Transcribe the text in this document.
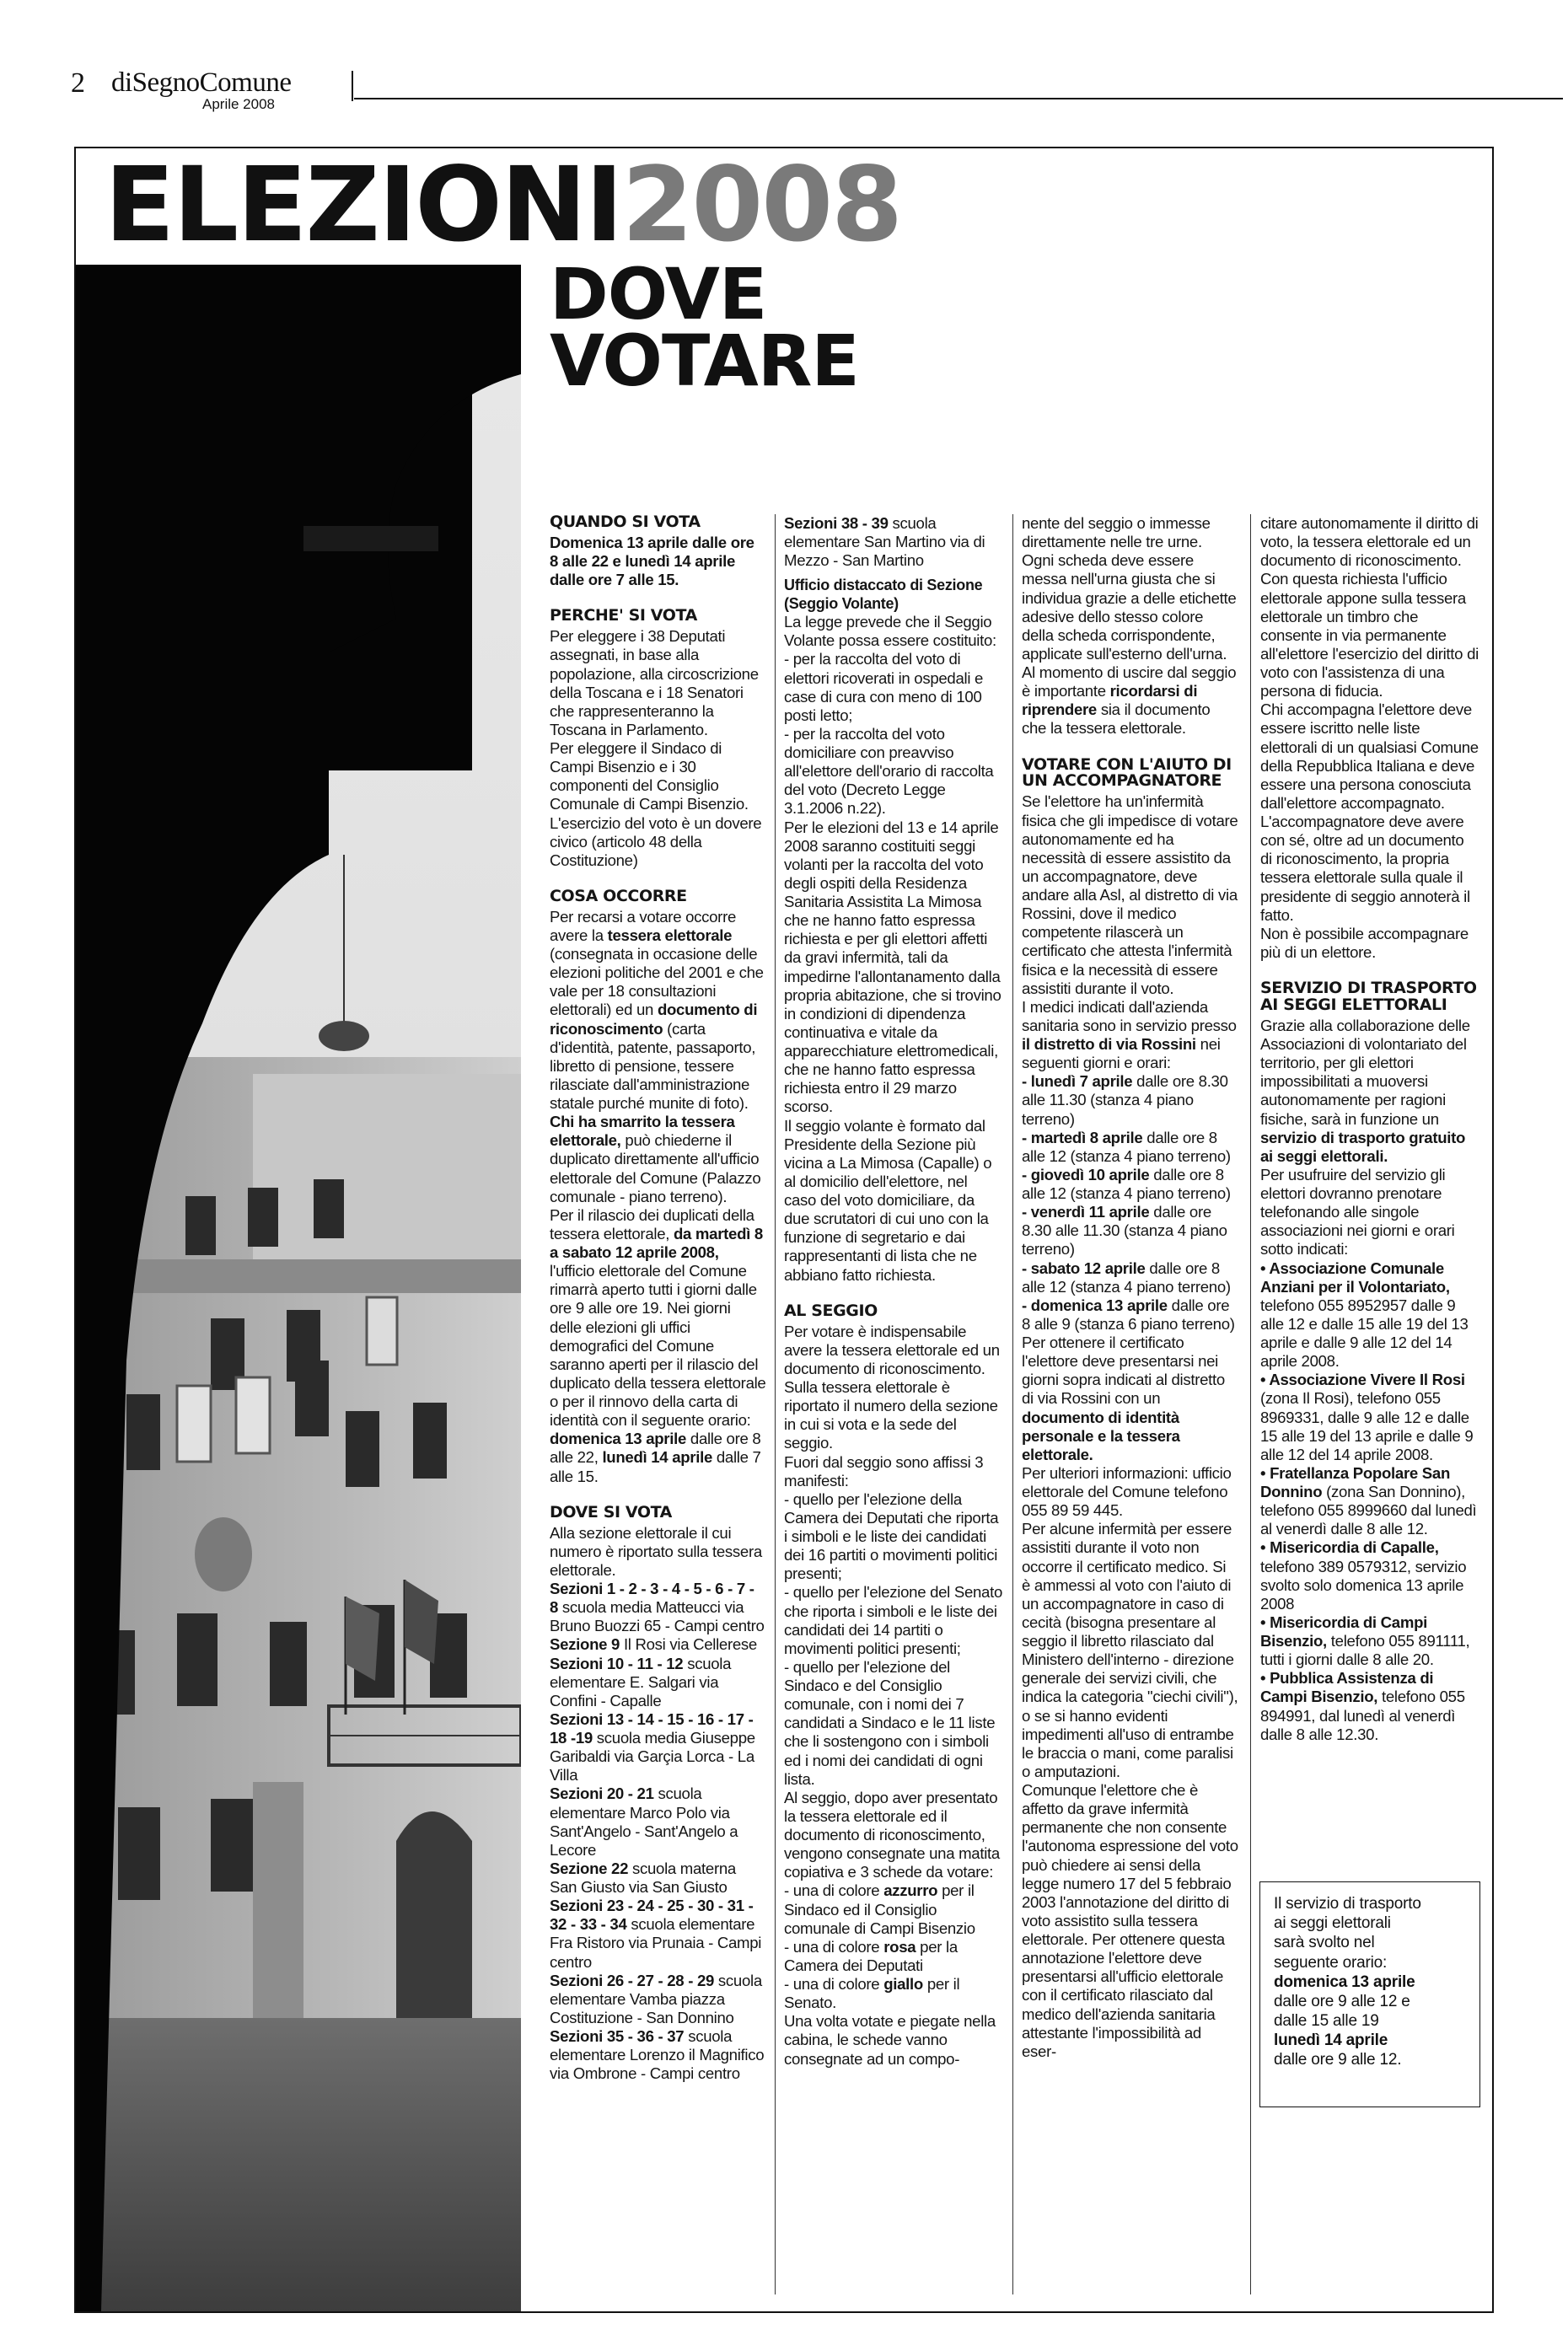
2 diSegnoComune
Aprile 2008
ELEZIONI2008
DOVE
VOTARE
QUANDO SI VOTA

Domenica 13 aprile dalle ore 8 alle 22 e lunedì 14 aprile dalle ore 7 alle 15.

PERCHE' SI VOTA

Per eleggere i 38 Deputati assegnati, in base alla popolazione, alla circoscrizione della Toscana e i 18 Senatori che rappresenteranno la Toscana in Parlamento.

Per eleggere il Sindaco di Campi Bisenzio e i 30 componenti del Consiglio Comunale di Campi Bisenzio.

L'esercizio del voto è un dovere civico (articolo 48 della Costituzione)

COSA OCCORRE

Per recarsi a votare occorre avere la tessera elettorale (consegnata in occasione delle elezioni politiche del 2001 e che vale per 18 consultazioni elettorali) ed un documento di riconoscimento (carta d'identità, patente, passaporto, libretto di pensione, tessere rilasciate dall'amministrazione statale purché munite di foto).

Chi ha smarrito la tessera elettorale, può chiederne il duplicato direttamente all'ufficio elettorale del Comune (Palazzo comunale - piano terreno).

Per il rilascio dei duplicati della tessera elettorale, da martedì 8 a sabato 12 aprile 2008, l'ufficio elettorale del Comune rimarrà aperto tutti i giorni dalle ore 9 alle ore 19. Nei giorni delle elezioni gli uffici demografici del Comune saranno aperti per il rilascio del duplicato della tessera elettorale o per il rinnovo della carta di identità con il seguente orario: domenica 13 aprile dalle ore 8 alle 22, lunedì 14 aprile dalle 7 alle 15.

DOVE SI VOTA

Alla sezione elettorale il cui numero è riportato sulla tessera elettorale.

Sezioni 1 - 2 - 3 - 4 - 5 - 6 - 7 - 8 scuola media Matteucci via Bruno Buozzi 65 - Campi centro

Sezione 9 Il Rosi via Cellerese

Sezioni 10 - 11 - 12 scuola elementare E. Salgari via Confini - Capalle

Sezioni 13 - 14 - 15 - 16 - 17 - 18 -19 scuola media Giuseppe Garibaldi via Garçia Lorca - La Villa

Sezioni 20 - 21 scuola elementare Marco Polo via Sant'Angelo - Sant'Angelo a Lecore

Sezione 22 scuola materna San Giusto via San Giusto

Sezioni 23 - 24 - 25 - 30 - 31 - 32 - 33 - 34 scuola elementare Fra Ristoro via Prunaia - Campi centro

Sezioni 26 - 27 - 28 - 29 scuola elementare Vamba piazza Costituzione - San Donnino

Sezioni 35 - 36 - 37 scuola elementare Lorenzo il Magnifico via Ombrone - Campi centro

Sezioni 38 - 39 scuola elementare San Martino via di Mezzo - San Martino

Ufficio distaccato di Sezione (Seggio Volante)

La legge prevede che il Seggio Volante possa essere costituito:

- per la raccolta del voto di elettori ricoverati in ospedali e case di cura con meno di 100 posti letto;

- per la raccolta del voto domiciliare con preavviso all'elettore dell'orario di raccolta del voto (Decreto Legge 3.1.2006 n.22).

Per le elezioni del 13 e 14 aprile 2008 saranno costituiti seggi volanti per la raccolta del voto degli ospiti della Residenza Sanitaria Assistita La Mimosa che ne hanno fatto espressa richiesta e per gli elettori affetti da gravi infermità, tali da impedirne l'allontanamento dalla propria abitazione, che si trovino in condizioni di dipendenza continuativa e vitale da apparecchiature elettromedicali, che ne hanno fatto espressa richiesta entro il 29 marzo scorso.

Il seggio volante è formato dal Presidente della Sezione più vicina a La Mimosa (Capalle) o al domicilio dell'elettore, nel caso del voto domiciliare, da due scrutatori di cui uno con la funzione di segretario e dai rappresentanti di lista che ne abbiano fatto richiesta.

AL SEGGIO

Per votare è indispensabile avere la tessera elettorale ed un documento di riconoscimento. Sulla tessera elettorale è riportato il numero della sezione in cui si vota e la sede del seggio.

Fuori dal seggio sono affissi 3 manifesti:

- quello per l'elezione della Camera dei Deputati che riporta i simboli e le liste dei candidati dei 16 partiti o movimenti politici presenti;

- quello per l'elezione del Senato che riporta i simboli e le liste dei candidati dei 14 partiti o movimenti politici presenti;

- quello per l'elezione del Sindaco e del Consiglio comunale, con i nomi dei 7 candidati a Sindaco e le 11 liste che li sostengono con i simboli ed i nomi dei candidati di ogni lista.

Al seggio, dopo aver presentato la tessera elettorale ed il documento di riconoscimento, vengono consegnate una matita copiativa e 3 schede da votare:

- una di colore azzurro per il Sindaco ed il Consiglio comunale di Campi Bisenzio

- una di colore rosa per la Camera dei Deputati

- una di colore giallo per il Senato.

Una volta votate e piegate nella cabina, le schede vanno consegnate ad un compo-

nente del seggio o immesse direttamente nelle tre urne.

Ogni scheda deve essere messa nell'urna giusta che si individua grazie a delle etichette adesive dello stesso colore della scheda corrispondente, applicate sull'esterno dell'urna.

Al momento di uscire dal seggio è importante ricordarsi di riprendere sia il documento che la tessera elettorale.

VOTARE CON L'AIUTO DI UN ACCOMPAGNATORE

Se l'elettore ha un'infermità fisica che gli impedisce di votare autonomamente ed ha necessità di essere assistito da un accompagnatore, deve andare alla Asl, al distretto di via Rossini, dove il medico competente rilascerà un certificato che attesta l'infermità fisica e la necessità di essere assistiti durante il voto.

I medici indicati dall'azienda sanitaria sono in servizio presso il distretto di via Rossini nei seguenti giorni e orari:

- lunedì 7 aprile dalle ore 8.30 alle 11.30 (stanza 4 piano terreno)

- martedì 8 aprile dalle ore 8 alle 12 (stanza 4 piano terreno)

- giovedì 10 aprile dalle ore 8 alle 12 (stanza 4 piano terreno)

- venerdì 11 aprile dalle ore 8.30 alle 11.30 (stanza 4 piano terreno)

- sabato 12 aprile dalle ore 8 alle 12 (stanza 4 piano terreno)

- domenica 13 aprile dalle ore 8 alle 9 (stanza 6 piano terreno)

Per ottenere il certificato l'elettore deve presentarsi nei giorni sopra indicati al distretto di via Rossini con un documento di identità personale e la tessera elettorale.

Per ulteriori informazioni: ufficio elettorale del Comune telefono 055 89 59 445.

Per alcune infermità per essere assistiti durante il voto non occorre il certificato medico. Si è ammessi al voto con l'aiuto di un accompagnatore in caso di cecità (bisogna presentare al seggio il libretto rilasciato dal Ministero dell'interno - direzione generale dei servizi civili, che indica la categoria "ciechi civili"), o se si hanno evidenti impedimenti all'uso di entrambe le braccia o mani, come paralisi o amputazioni.

Comunque l'elettore che è affetto da grave infermità permanente che non consente l'autonoma espressione del voto può chiedere ai sensi della legge numero 17 del 5 febbraio 2003 l'annotazione del diritto di voto assistito sulla tessera elettorale. Per ottenere questa annotazione l'elettore deve presentarsi all'ufficio elettorale con il certificato rilasciato dal medico dell'azienda sanitaria attestante l'impossibilità ad eser-

citare autonomamente il diritto di voto, la tessera elettorale ed un documento di riconoscimento. Con questa richiesta l'ufficio elettorale appone sulla tessera elettorale un timbro che consente in via permanente all'elettore l'esercizio del diritto di voto con l'assistenza di una persona di fiducia.

Chi accompagna l'elettore deve essere iscritto nelle liste elettorali di un qualsiasi Comune della Repubblica Italiana e deve essere una persona conosciuta dall'elettore accompagnato. L'accompagnatore deve avere con sé, oltre ad un documento di riconoscimento, la propria tessera elettorale sulla quale il presidente di seggio annoterà il fatto.

Non è possibile accompagnare più di un elettore.

SERVIZIO DI TRASPORTO AI SEGGI ELETTORALI

Grazie alla collaborazione delle Associazioni di volontariato del territorio, per gli elettori impossibilitati a muoversi autonomamente per ragioni fisiche, sarà in funzione un servizio di trasporto gratuito ai seggi elettorali.

Per usufruire del servizio gli elettori dovranno prenotare telefonando alle singole associazioni nei giorni e orari sotto indicati:

• Associazione Comunale Anziani per il Volontariato, telefono 055 8952957 dalle 9 alle 12 e dalle 15 alle 19 del 13 aprile e dalle 9 alle 12 del 14 aprile 2008.

• Associazione Vivere Il Rosi (zona Il Rosi), telefono 055 8969331, dalle 9 alle 12 e dalle 15 alle 19 del 13 aprile e dalle 9 alle 12 del 14 aprile 2008.

• Fratellanza Popolare San Donnino (zona San Donnino), telefono 055 8999660 dal lunedì al venerdì dalle 8 alle 12.

• Misericordia di Capalle, telefono 389 0579312, servizio svolto solo domenica 13 aprile 2008

• Misericordia di Campi Bisenzio, telefono 055 891111, tutti i giorni dalle 8 alle 20.

• Pubblica Assistenza di Campi Bisenzio, telefono 055 894991, dal lunedì al venerdì dalle 8 alle 12.30.

Il servizio di trasporto

ai seggi elettorali

sarà svolto nel

seguente orario:

domenica 13 aprile

dalle ore 9 alle 12 e

dalle 15 alle 19

lunedì 14 aprile

dalle ore 9 alle 12.
